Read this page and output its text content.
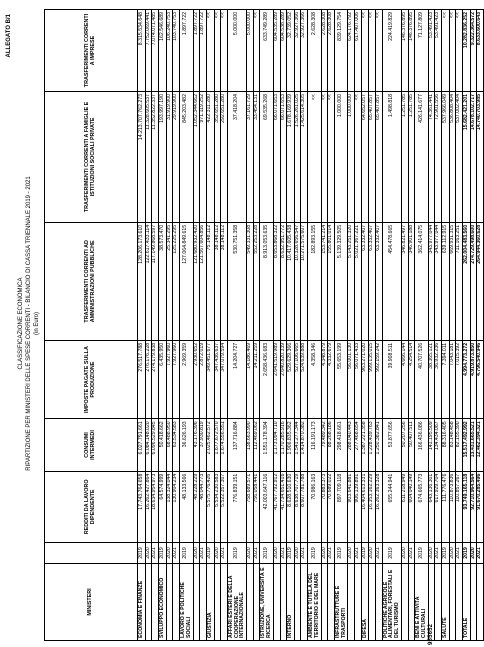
955652
ALLEGATO B/1
CLASSIFICAZIONE ECONOMICA RIPARTIZIONE PER MINISTERI DELLE SPESE CORRENTI - BILANCIO DI CASSA TRIENNALE 2019 - 2021 (in Euro)
MINISTERI		REDDITI DA LAVORO DIPENDENTE	CONSUMI INTERMEDI	IMPOSTE PAGATE SULLA PRODUZIONE	TRASFERIMENTI CORRENTI AD AMMINISTRAZIONI PUBBLICHE	TRASFERIMENTI CORRENTI A FAMIGLIE E ISTITUZIONI SOCIALI PRIVATE	TRASFERIMENTI CORRENTI A IMPRESE
ECONOMIA E FINANZE	2019	17.743.764.658	6.027.791.661	276.517.788	128.206.173.610	14.213.707.762.273	8.315.534.648
	2020	16.262.427.864	6.084.148.020	276.176.228	122.617.433.114	11.328.605.537	7.752.069.441
	2021	18.634.954.973	6.096.529.845	274.179.838	117.149.868.597	11.352.822.337	7.074.071.485
SVILUPPO ECONOMICO	2019	64.574.999	50.418.662	6.435.950	38.573.470	193.997.190	162.546.689
	2020	138.324.044	68.488.950	7.927.960	25.341.295	31.919.900	106.240.753
	2021	130.904.234	63.534.583	7.927.960	125.225.295	29.919.900	103.740.753
LAVORO E POLITICHE SOCIALI	2019	48.133.566	36.626.193	2.969.359	127.064.849.615	845.203.482	1.897.722
	2020	48.228.229	43.176.396	2.930.652	121.680.932.420	1.052.344.662	1.897.722
	2021	48.044.773	37.930.819	2.872.019	121.567.604.856	971.119.252	1.897.722
GIUSTIZIA	2019	5.575.776.426	2.025.462.572	349.451.677	75.148.112	422.311.280	<<
	2020	5.534.230.583	1.677.672.570	347.436.637	38.148.112	352.651.280	<<
	2021	5.522.357.307	1.674.556.551	347.079.594	38.148.112	292.651.280	<<
AFFARI ESTERI E DELLA COOPERAZIONE INTERNAZIONALE	2019	776.839.151	137.716.884	14.204.727	530.751.358	37.418.204	5.000.000
	2020	758.689.571	138.663.990	14.186.469	549.331.308	37.161.729	5.000.000
	2021	756.058.441	112.469.062	14.211.259	552.253.228	33.454.131	<<
ISTRUZIONE, UNIVERSITÀ E RICERCA	2019	42.003.647.116	1.551.178.394	2.658.436.683	8.913.053.635	69.535.268	633.749.289
	2020	41.767.792.912	1.173.094.710	2.641.519.989	8.653.868.322	66.071.653	604.535.289
	2021	41.734.651.416	1.170.285.916	2.640.820.339	8.632.951.772	66.071.653	604.538.289
INTERNO	2019	8.628.510.630	1.906.835.362	529.629.366	10.417.605.438	1.678.169.939	32.739.052
	2020	8.638.707.719	1.541.277.344	527.106.665	10.328.656.547	1.526.261.025	32.927.366
	2021	8.607.781.788	1.414.870.382	524.639.888	10.271.575.607	1.425.614.305	32.927.366
AMBIENTE E TUTELA DEL TERRITORIO E DEL MARE	2019	70.986.163	116.191.173	4.358.346	182.893.155	<<	2.628.308
	2020	70.883.373	79.489.342	4.348.879	153.741.214	<<	2.628.308
	2021	70.689.022	88.268.186	4.332.679	155.801.014	<<	2.628.308
INFRASTRUTTURE E TRASPORTI	2019	897.709.118	298.418.661	55.653.199	5.139.329.505	1.000.000	839.129.754
	2020	903.641.881	288.040.443	56.001.130	5.143.251.320	1.000.000	624.176.792
	2021	906.139.891	277.468.654	56.071.433	5.021.367.221	<<	617.407.006
DIFESA	2019	16.404.613.331	1.387.221.358	963.271.020	63.332.407	64.652.057	<<
	2020	16.353.162.229	1.228.439.763	999.135.015	63.332.407	65.407.857	<<
	2021	16.262.363.328	1.250.382.841	992.159.242	63.332.407	65.407.857	<<
POLITICHE AGRICOLE ALIMENTARI, FORESTALI E DEL TURISMO	2019	655.244.941	53.877.656	39.908.511	454.478.665	1.498.818	224.419.829
	2020	611.218.949	50.207.256	4.666.144	346.821.497	1.251.785	146.376.895
	2021	604.040.149	50.407.511	4.254.514	346.901.188	1.251.785	146.376.895
BENI E ATTIVITÀ CULTURALI	2019	674.665.773	166.436.086	40.707.526	362.414.075	426.141.677	71.127.809
	2020	643.136.301	141.195.509	38.365.121	343.977.044	74.361.441	53.491.423
	2021	617.929.704	134.434.067	36.932.236	343.977.044	72.901.556	53.491.423
SALUTE	2019	111.776.476	88.316.405	7.394.011	639.112.915	537.966.049	<<
	2020	110.873.836	83.148.458	7.043.181	669.931.315	536.808.404	<<
	2021	110.857.267	82.155.390	7.015.392	711.163.251	537.002.404	<<
TOTALE	2019	93.749.165.118	15.517.492.992	4.994.773.272	262.004.483.560	15.682.421.201	10.282.836.252
	2020	92.710.964.564	13.431.665.521	4.919.873.850	274.729.498.600	14.678.102.717	9.322.364.572
	2021	91.670.285.496	12.462.394.321	4.796.540.946	264.944.360.628	14.740.703.985	8.633.600.643
